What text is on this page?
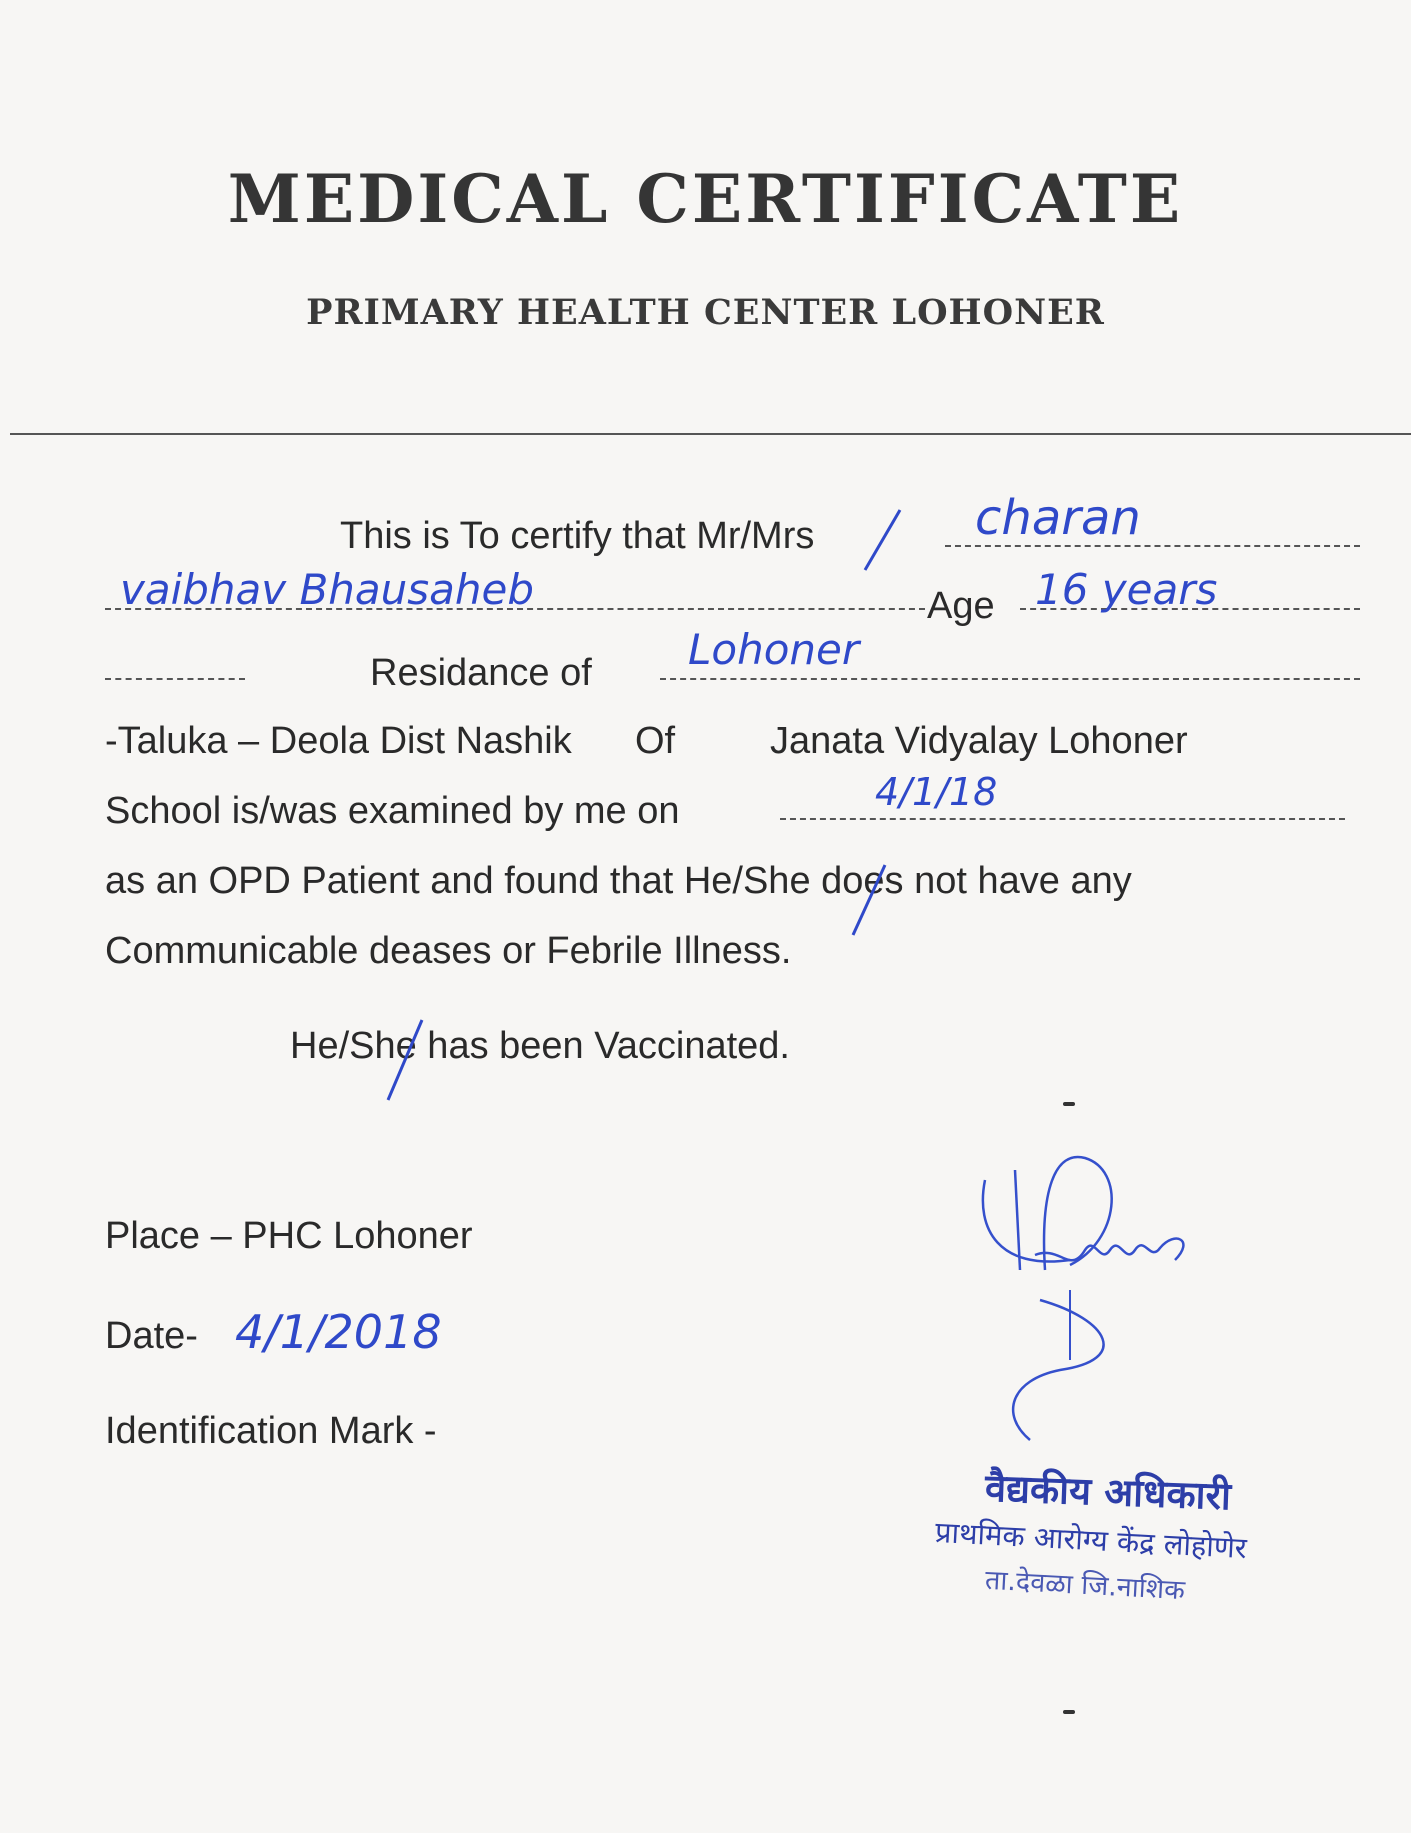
MEDICAL CERTIFICATE
PRIMARY HEALTH CENTER LOHONER
This is To certify that Mr/Mrs	charan
vaibhav Bhausaheb	Age 16 years
Residance of Lohoner
-Taluka – Deola Dist Nashik Of Janata Vidyalay Lohoner
School is/was examined by me on	4/1/18
as an OPD Patient and found that He/She does not have any
Communicable deases or Febrile Illness.
He/She has been Vaccinated.
Place – PHC Lohoner
Date- 4/1/2018
Identification Mark -
वैद्यकीय अधिकारी
प्राथमिक आरोग्य केंद्र लोहोणेर
ता.देवळा जि.नाशिक
